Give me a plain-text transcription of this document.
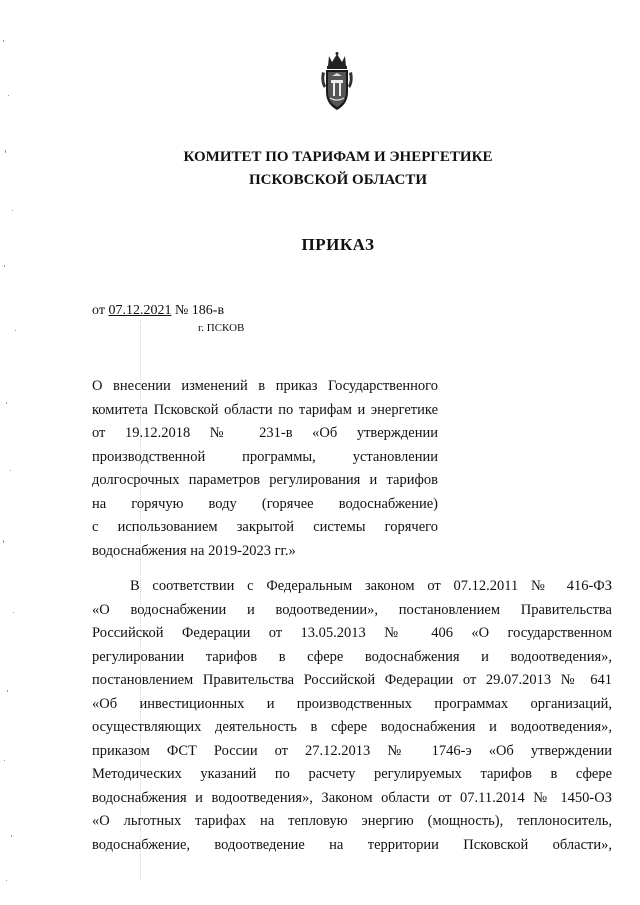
КОМИТЕТ ПО ТАРИФАМ И ЭНЕРГЕТИКЕ
ПСКОВСКОЙ ОБЛАСТИ
ПРИКАЗ
от 07.12.2021 № 186-в
г. ПСКОВ
О внесении изменений в приказ Государственного
комитета Псковской области по тарифам и энергетике
от 19.12.2018 № 231-в «Об утверждении
производственной программы, установлении
долгосрочных параметров регулирования и тарифов
на горячую воду (горячее водоснабжение)
с использованием закрытой системы горячего
водоснабжения на 2019-2023 гг.»
В соответствии с Федеральным законом от 07.12.2011 № 416-ФЗ
«О водоснабжении и водоотведении», постановлением Правительства
Российской Федерации от 13.05.2013 № 406 «О государственном
регулировании тарифов в сфере водоснабжения и водоотведения»,
постановлением Правительства Российской Федерации от 29.07.2013 № 641
«Об инвестиционных и производственных программах организаций,
осуществляющих деятельность в сфере водоснабжения и водоотведения»,
приказом ФСТ России от 27.12.2013 № 1746-э «Об утверждении
Методических указаний по расчету регулируемых тарифов в сфере
водоснабжения и водоотведения», Законом области от 07.11.2014 № 1450-ОЗ
«О льготных тарифах на тепловую энергию (мощность), теплоноситель,
водоснабжение, водоотведение на территории Псковской области»,
